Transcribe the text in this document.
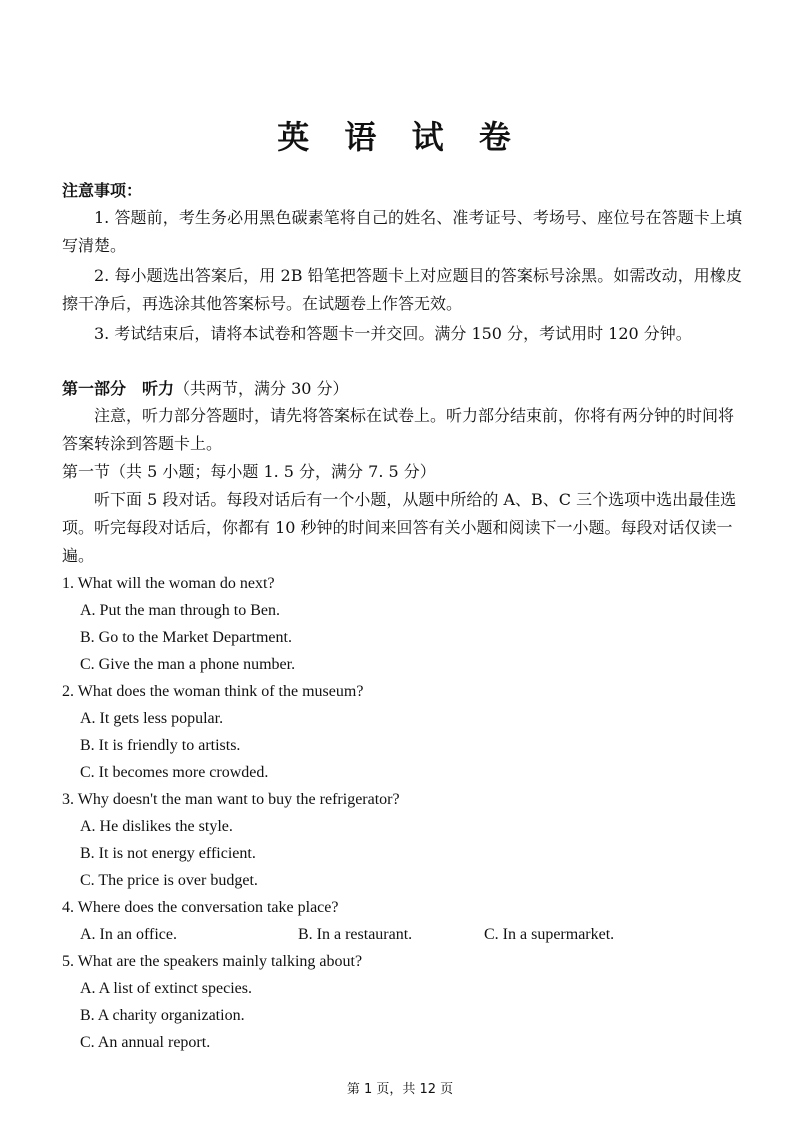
英 语 试 卷

注意事项：

1. 答题前，考生务必用黑色碳素笔将自己的姓名、准考证号、考场号、座位号在答题卡上填写清楚。

2. 每小题选出答案后，用 2B 铅笔把答题卡上对应题目的答案标号涂黑。如需改动，用橡皮擦干净后，再选涂其他答案标号。在试题卷上作答无效。

3. 考试结束后，请将本试卷和答题卡一并交回。满分 150 分，考试用时 120 分钟。

第一部分　听力（共两节，满分 30 分）

注意，听力部分答题时，请先将答案标在试卷上。听力部分结束前，你将有两分钟的时间将答案转涂到答题卡上。

第一节（共 5 小题；每小题 1. 5 分，满分 7. 5 分）

听下面 5 段对话。每段对话后有一个小题，从题中所给的 A、B、C 三个选项中选出最佳选项。听完每段对话后，你都有 10 秒钟的时间来回答有关小题和阅读下一小题。每段对话仅读一遍。

1. What will the woman do next?

A. Put the man through to Ben.

B. Go to the Market Department.

C. Give the man a phone number.

2. What does the woman think of the museum?

A. It gets less popular.

B. It is friendly to artists.

C. It becomes more crowded.

3. Why doesn't the man want to buy the refrigerator?

A. He dislikes the style.

B. It is not energy efficient.

C. The price is over budget.

4. Where does the conversation take place?

A. In an office.	B. In a restaurant.	C. In a supermarket.

5. What are the speakers mainly talking about?

A. A list of extinct species.

B. A charity organization.

C. An annual report.

第 1 页，共 12 页
